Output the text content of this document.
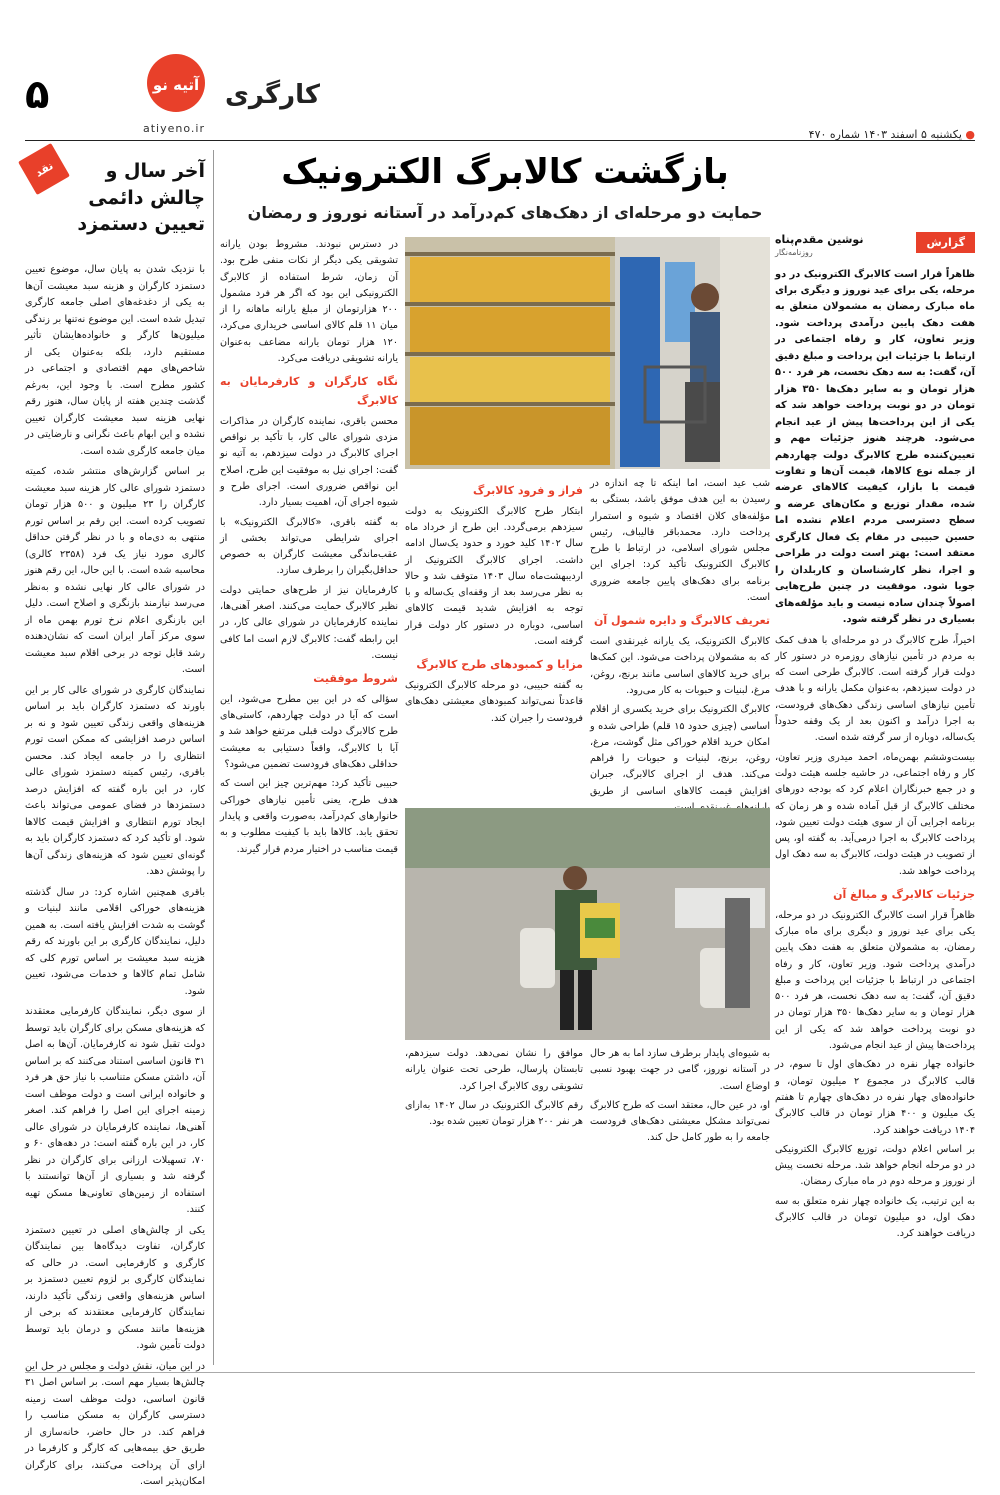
۵	آتیه نو
atiyeno.ir
کارگری
● یکشنبه ۵ اسفند ۱۴۰۳ شماره ۴۷۰
نقد	آخر سال و چالش دائمی تعیین دستمزد

با نزدیک شدن به پایان سال، موضوع تعیین دستمزد کارگران و هزینه سبد معیشت آن‌ها به یکی از دغدغه‌های اصلی جامعه کارگری تبدیل شده است. این موضوع نه‌تنها بر زندگی میلیون‌ها کارگر و خانواده‌هایشان تأثیر مستقیم دارد، بلکه به‌عنوان یکی از شاخص‌های مهم اقتصادی و اجتماعی در کشور مطرح است. با وجود این، به‌رغم گذشت چندین هفته از پایان سال، هنوز رقم نهایی هزینه سبد معیشت کارگران تعیین نشده و این ابهام باعث نگرانی و نارضایتی در میان جامعه کارگری شده است.

بر اساس گزارش‌های منتشر شده، کمیته دستمزد شورای عالی کار هزینه سبد معیشت کارگران را ۲۳ میلیون و ۵۰۰ هزار تومان تصویب کرده است. این رقم بر اساس تورم منتهی به دی‌ماه و با در نظر گرفتن حداقل کالری مورد نیاز یک فرد (۲۳۵۸ کالری) محاسبه شده است. با این حال، این رقم هنوز در شورای عالی کار نهایی نشده و به‌نظر می‌رسد نیازمند بازنگری و اصلاح است. دلیل این بازنگری اعلام نرخ تورم بهمن ماه از سوی مرکز آمار ایران است که نشان‌دهنده رشد قابل توجه در برخی اقلام سبد معیشت است.

نمایندگان کارگری در شورای عالی کار بر این باورند که دستمزد کارگران باید بر اساس هزینه‌های واقعی زندگی تعیین شود و نه بر اساس درصد افزایشی که ممکن است تورم انتظاری را در جامعه ایجاد کند. محسن باقری، رئیس کمیته دستمزد شورای عالی کار، در این باره گفته که افزایش درصد دستمزدها در فضای عمومی می‌تواند باعث ایجاد تورم انتظاری و افزایش قیمت کالاها شود. او تأکید کرد که دستمزد کارگران باید به گونه‌ای تعیین شود که هزینه‌های زندگی آن‌ها را پوشش دهد.

باقری همچنین اشاره کرد: در سال گذشته هزینه‌های خوراکی اقلامی مانند لبنیات و گوشت به شدت افزایش یافته است. به همین دلیل، نمایندگان کارگری بر این باورند که رقم هزینه سبد معیشت بر اساس تورم کلی که شامل تمام کالاها و خدمات می‌شود، تعیین شود.

از سوی دیگر، نمایندگان کارفرمایی معتقدند که هزینه‌های مسکن برای کارگران باید توسط دولت تقبل شود نه کارفرمایان. آن‌ها به اصل ۳۱ قانون اساسی استناد می‌کنند که بر اساس آن، داشتن مسکن متناسب با نیاز حق هر فرد و خانواده ایرانی است و دولت موظف است زمینه اجرای این اصل را فراهم کند. اصغر آهنی‌ها، نماینده کارفرمایان در شورای عالی کار، در این باره گفته است: در دهه‌های ۶۰ و ۷۰، تسهیلات ارزانی برای کارگران در نظر گرفته شد و بسیاری از آن‌ها توانستند با استفاده از زمین‌های تعاونی‌ها مسکن تهیه کنند.

یکی از چالش‌های اصلی در تعیین دستمزد کارگران، تفاوت دیدگاه‌ها بین نمایندگان کارگری و کارفرمایی است. در حالی که نمایندگان کارگری بر لزوم تعیین دستمزد بر اساس هزینه‌های واقعی زندگی تأکید دارند، نمایندگان کارفرمایی معتقدند که برخی از هزینه‌ها مانند مسکن و درمان باید توسط دولت تأمین شود.

در این میان، نقش دولت و مجلس در حل این چالش‌ها بسیار مهم است. بر اساس اصل ۳۱ قانون اساسی، دولت موظف است زمینه دسترسی کارگران به مسکن مناسب را فراهم کند. در حال حاضر، خانه‌سازی از طریق حق بیمه‌هایی که کارگر و کارفرما در ازای آن پرداخت می‌کنند، برای کارگران امکان‌پذیر است.

بازگشت کالابرگ الکترونیک
حمایت دو مرحله‌ای از دهک‌های کم‌درآمد در آستانه نوروز و رمضان
گزارش
نوشین مقدم‌پناه
روزنامه‌نگار

ظاهراً قرار است کالابرگ الکترونیک در دو مرحله، یکی برای عید نوروز و دیگری برای ماه مبارک رمضان به مشمولان متعلق به هفت دهک پایین درآمدی پرداخت شود. وزیر تعاون، کار و رفاه اجتماعی در ارتباط با جزئیات این پرداخت و مبلغ دقیق آن، گفت: به سه دهک نخست، هر فرد ۵۰۰ هزار تومان و به سایر دهک‌ها ۳۵۰ هزار تومان در دو نوبت پرداخت خواهد شد که یکی از این پرداخت‌ها پیش از عید انجام می‌شود. هرچند هنوز جزئیات مهم و تعیین‌کننده طرح کالابرگ دولت چهاردهم از جمله نوع کالاها، قیمت آن‌ها و تفاوت قیمت با بازار، کیفیت کالاهای عرضه شده، مقدار توزیع و مکان‌های عرضه و سطح دسترسی مردم اعلام نشده اما حسین حبیبی در مقام یک فعال کارگری معتقد است: بهتر است دولت در طراحی و اجرا، نظر کارشناسان و کاربلدان را جویا شود. موفقیت در چنین طرح‌هایی اصولاً چندان ساده نیست و باید مؤلفه‌های بسیاری در نظر گرفته شود.

اخیراً، طرح کالابرگ در دو مرحله‌ای با هدف کمک به مردم در تأمین نیازهای روزمره در دستور کار دولت قرار گرفته است. کالابرگ طرحی است که در دولت سیزدهم، به‌عنوان مکمل یارانه و با هدف تأمین نیازهای اساسی زندگی دهک‌های فرودست، به اجرا درآمد و اکنون بعد از یک وقفه حدوداً یک‌ساله، دوباره از سر گرفته شده است.

بیست‌وششم بهمن‌ماه، احمد میدری وزیر تعاون، کار و رفاه اجتماعی، در حاشیه جلسه هیئت دولت و در جمع خبرنگاران اعلام کرد که بودجه دورهای مختلف کالابرگ از قبل آماده شده و هر زمان که برنامه اجرایی آن از سوی هیئت دولت تعیین شود، پرداخت کالابرگ به اجرا درمی‌آید. به گفته او، پس از تصویب در هیئت دولت، کالابرگ به سه دهک اول پرداخت خواهد شد.

جزئیات کالابرگ و مبالغ آن

ظاهراً قرار است کالابرگ الکترونیک در دو مرحله، یکی برای عید نوروز و دیگری برای ماه مبارک رمضان، به مشمولان متعلق به هفت دهک پایین درآمدی پرداخت شود. وزیر تعاون، کار و رفاه اجتماعی در ارتباط با جزئیات این پرداخت و مبلغ دقیق آن، گفت: به سه دهک نخست، هر فرد ۵۰۰ هزار تومان و به سایر دهک‌ها ۳۵۰ هزار تومان در دو نوبت پرداخت خواهد شد که یکی از این پرداخت‌ها پیش از عید انجام می‌شود.

خانواده چهار نفره در دهک‌های اول تا سوم، در قالب کالابرگ در مجموع ۲ میلیون تومان، و خانواده‌های چهار نفره در دهک‌های چهارم تا هفتم یک میلیون و ۴۰۰ هزار تومان در قالب کالابرگ ۱۴۰۴ دریافت خواهند کرد.

بر اساس اعلام دولت، توزیع کالابرگ الکترونیکی در دو مرحله انجام خواهد شد. مرحله نخست پیش از نوروز و مرحله دوم در ماه مبارک رمضان.

به این ترتیب، یک خانواده چهار نفره متعلق به سه دهک اول، دو میلیون تومان در قالب کالابرگ دریافت خواهند کرد.

شب عید است، اما اینکه تا چه اندازه در رسیدن به این هدف موفق باشد، بستگی به مؤلفه‌های کلان اقتصاد و شیوه و استمرار پرداخت دارد. محمدباقر قالیباف، رئیس مجلس شورای اسلامی، در ارتباط با طرح کالابرگ الکترونیک تأکید کرد: اجرای این برنامه برای دهک‌های پایین جامعه ضروری است.

تعریف کالابرگ و دایره شمول آن

کالابرگ الکترونیک، یک یارانه غیرنقدی است که به مشمولان پرداخت می‌شود. این کمک‌ها برای خرید کالاهای اساسی مانند برنج، روغن، مرغ، لبنیات و حبوبات به کار می‌رود.

کالابرگ الکترونیک برای خرید یکسری از اقلام اساسی (چیزی حدود ۱۵ قلم) طراحی شده و امکان خرید اقلام خوراکی مثل گوشت، مرغ، روغن، برنج، لبنیات و حبوبات را فراهم می‌کند. هدف از اجرای کالابرگ، جبران افزایش قیمت کالاهای اساسی از طریق

فراز و فرود کالابرگ

ابتکار طرح کالابرگ الکترونیک به دولت سیزدهم برمی‌گردد. این طرح از خرداد ماه سال ۱۴۰۲ کلید خورد و حدود یک‌سال ادامه داشت. اجرای کالابرگ الکترونیک از اردیبهشت‌ماه سال ۱۴۰۳ متوقف شد و حالا به نظر می‌رسد بعد از وقفه‌ای یک‌ساله و با توجه به افزایش شدید قیمت کالاهای اساسی، دوباره در دستور کار دولت قرار گرفته است.

مزایا و کمبودهای طرح کالابرگ

به گفته حبیبی، دو مرحله کالابرگ الکترونیک قاعدتاً نمی‌تواند کمبودهای معیشتی دهک‌های فرودست را جبران کند.

در دسترس نبودند. مشروط بودن یارانه تشویقی یکی دیگر از نکات منفی طرح بود. آن زمان، شرط استفاده از کالابرگ الکترونیکی این بود که اگر هر فرد مشمول ۲۰۰ هزارتومان از مبلغ یارانه ماهانه را از میان ۱۱ قلم کالای اساسی خریداری می‌کرد، ۱۲۰ هزار تومان یارانه مضاعف به‌عنوان یارانه تشویقی دریافت می‌کرد.

نگاه کارگران و کارفرمایان به کالابرگ

محسن باقری، نماینده کارگران در مذاکرات مزدی شورای عالی کار، با تأکید بر نواقص اجرای کالابرگ در دولت سیزدهم، به آتیه نو گفت: اجرای نیل به موفقیت این طرح، اصلاح این نواقص ضروری است. اجرای طرح و شیوه اجرای آن، اهمیت بسیار دارد.

به گفته باقری، «کالابرگ الکترونیک» با اجرای شرایطی می‌تواند بخشی از عقب‌ماندگی معیشت کارگران به خصوص حداقل‌بگیران را برطرف سازد.

کارفرمایان نیز از طرح‌های حمایتی دولت نظیر کالابرگ حمایت می‌کنند. اصغر آهنی‌ها، نماینده کارفرمایان در شورای عالی کار، در این رابطه گفت: کالابرگ لازم است اما کافی نیست.

شروط موفقیت

سؤالی که در این بین مطرح می‌شود، این است که آیا در دولت چهاردهم، کاستی‌های طرح کالابرگ دولت قبلی مرتفع خواهد شد و آیا با کالابرگ، واقعاً دستیابی به معیشت حداقلی دهک‌های فرودست تضمین می‌شود؟

حبیبی تأکید کرد: مهم‌ترین چیز این است که هدف طرح، یعنی تأمین نیازهای خوراکی خانوارهای کم‌درآمد، به‌صورت واقعی و پایدار تحقق یابد. کالاها باید با کیفیت مطلوب و به قیمت مناسب در اختیار مردم قرار گیرند.

به شیوه‌ای پایدار برطرف سازد اما به هر حال در آستانه نوروز، گامی در جهت بهبود نسبی اوضاع است.

او، در عین حال، معتقد است که طرح کالابرگ نمی‌تواند مشکل معیشتی دهک‌های فرودست جامعه را به طور کامل حل کند.

موافق را نشان نمی‌دهد. دولت سیزدهم، تابستان پارسال، طرحی تحت عنوان یارانه تشویقی روی کالابرگ اجرا کرد.

رقم کالابرگ الکترونیک در سال ۱۴۰۲ به‌ازای هر نفر ۲۰۰ هزار تومان تعیین شده بود.
